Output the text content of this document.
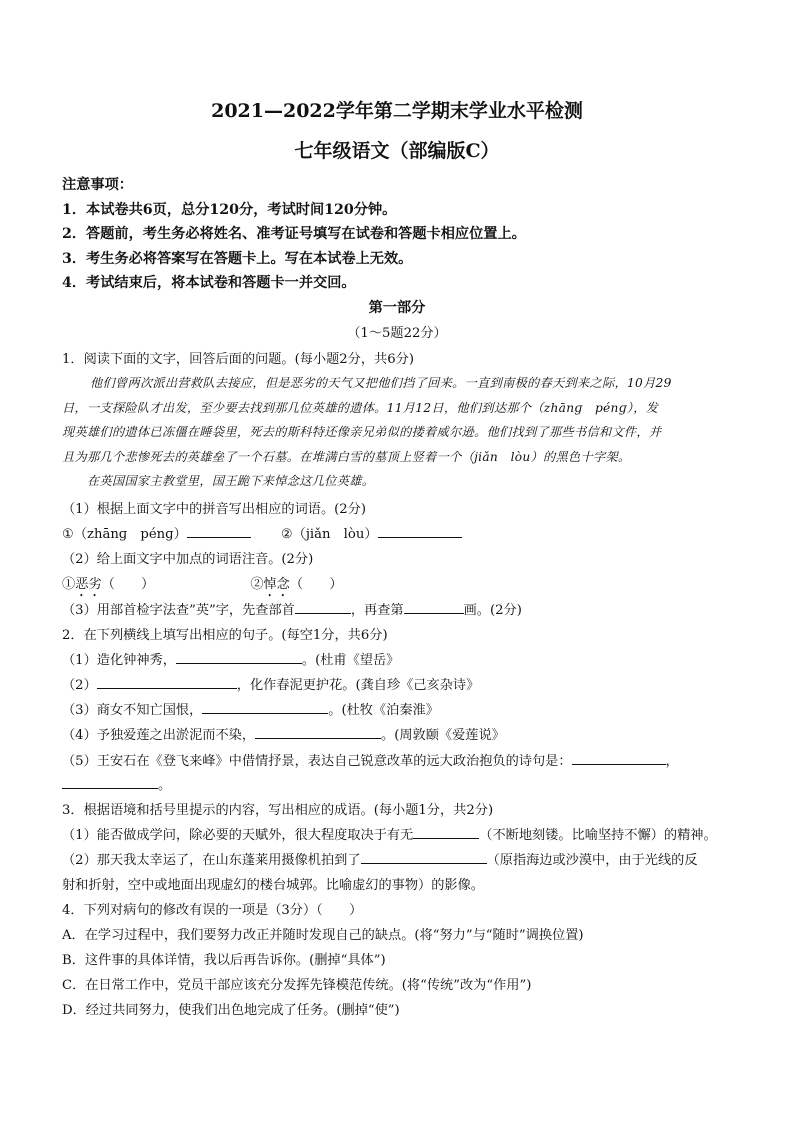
2021—2022学年第二学期末学业水平检测
七年级语文（部编版C）
注意事项：
1．本试卷共6页，总分120分，考试时间120分钟。
2．答题前，考生务必将姓名、准考证号填写在试卷和答题卡相应位置上。
3．考生务必将答案写在答题卡上。写在本试卷上无效。
4．考试结束后，将本试卷和答题卡一并交回。
第一部分
（1～5题22分）
1．阅读下面的文字，回答后面的问题。(每小题2分，共6分)
他们曾两次派出营救队去接应，但是恶劣的天气又把他们挡了回来。一直到南极的春天到来之际，10月29
日，一支探险队才出发，至少要去找到那几位英雄的遗体。11月12日，他们到达那个（zhānɡ　pénɡ），发
现英雄们的遗体已冻僵在睡袋里，死去的斯科特还像亲兄弟似的搂着威尔逊。他们找到了那些书信和文件，并
且为那几个悲惨死去的英雄垒了一个石墓。在堆满白雪的墓顶上竖着一个（jiǎn　lòu）的黑色十字架。
　　在英国国家主教堂里，国王跪下来悼念这几位英雄。
（1）根据上面文字中的拼音写出相应的词语。(2分)
①（zhānɡ　pénɡ）	②（jiǎn　lòu）
（2）给上面文字中加点的词语注音。(2分)
①恶劣（　　）	②悼念（　　）
（3）用部首检字法查”英”字，先查部首	，再查第	画。(2分)
2．在下列横线上填写出相应的句子。(每空1分，共6分)
（1）造化钟神秀，	。(杜甫《望岳》
（2）	，化作春泥更护花。(龚自珍《己亥杂诗》
（3）商女不知亡国恨，	。(杜牧《泊秦淮》
（4）予独爱莲之出淤泥而不染，	。(周敦颐《爱莲说》
（5）王安石在《登飞来峰》中借情抒景，表达自己锐意改革的远大政治抱负的诗句是：	，
。
3．根据语境和括号里提示的内容，写出相应的成语。(每小题1分，共2分)
（1）能否做成学问，除必要的天赋外，很大程度取决于有无	（不断地刻镂。比喻坚持不懈）的精神。
（2）那天我太幸运了，在山东蓬莱用摄像机拍到了	（原指海边或沙漠中，由于光线的反
射和折射，空中或地面出现虚幻的楼台城郭。比喻虚幻的事物）的影像。
4．下列对病句的修改有误的一项是（3分）（　　）
A．在学习过程中，我们要努力改正并随时发现自己的缺点。(将“努力”与“随时”调换位置)
B．这件事的具体详情，我以后再告诉你。(删掉“具体”)
C．在日常工作中，党员干部应该充分发挥先锋模范传统。(将“传统”改为“作用”)
D．经过共同努力，使我们出色地完成了任务。(删掉“使”)
